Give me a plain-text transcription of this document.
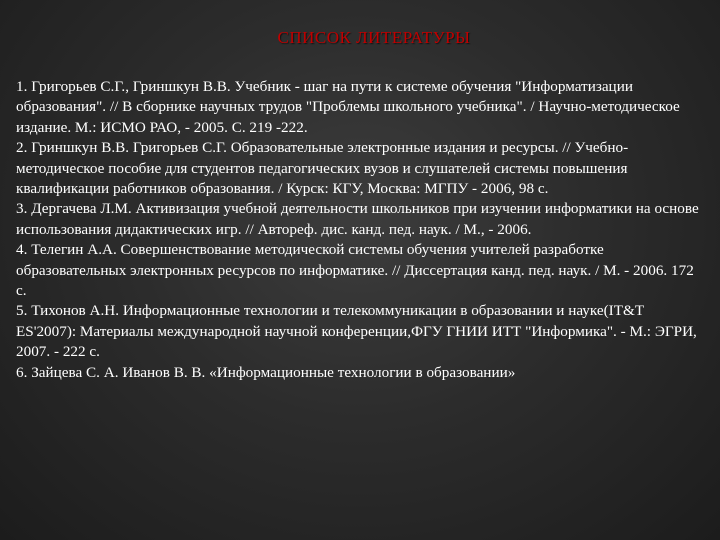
СПИСОК ЛИТЕРАТУРЫ

1. Григорьев С.Г., Гриншкун В.В. Учебник - шаг на пути к системе обучения "Информатизации образования". // В сборнике научных трудов "Проблемы школьного учебника". / Научно-методическое издание. М.: ИСМО РАО, - 2005. С. 219 -222.

2. Гриншкун В.В. Григорьев С.Г. Образовательные электронные издания и ресурсы. // Учебно-методическое пособие для студентов педагогических вузов и слушателей системы повышения квалификации работников образования. / Курск: КГУ, Москва: МГПУ - 2006, 98 с.

3. Дергачева Л.М. Активизация учебной деятельности школьников при изучении информатики на основе использования дидактических игр. // Автореф. дис. канд. пед. наук. / М., - 2006.

4. Телегин А.А. Совершенствование методической системы обучения учителей разработке образовательных электронных ресурсов по информатике. // Диссертация канд. пед. наук. / М. - 2006. 172 с.

5. Тихонов А.Н. Информационные технологии и телекоммуникации в образовании и науке(IT&T ES'2007): Материалы международной научной конференции,ФГУ ГНИИ ИТТ "Информика". - М.: ЭГРИ, 2007. - 222 с.

6. Зайцева С. А. Иванов В. В. «Информационные технологии в образовании»
